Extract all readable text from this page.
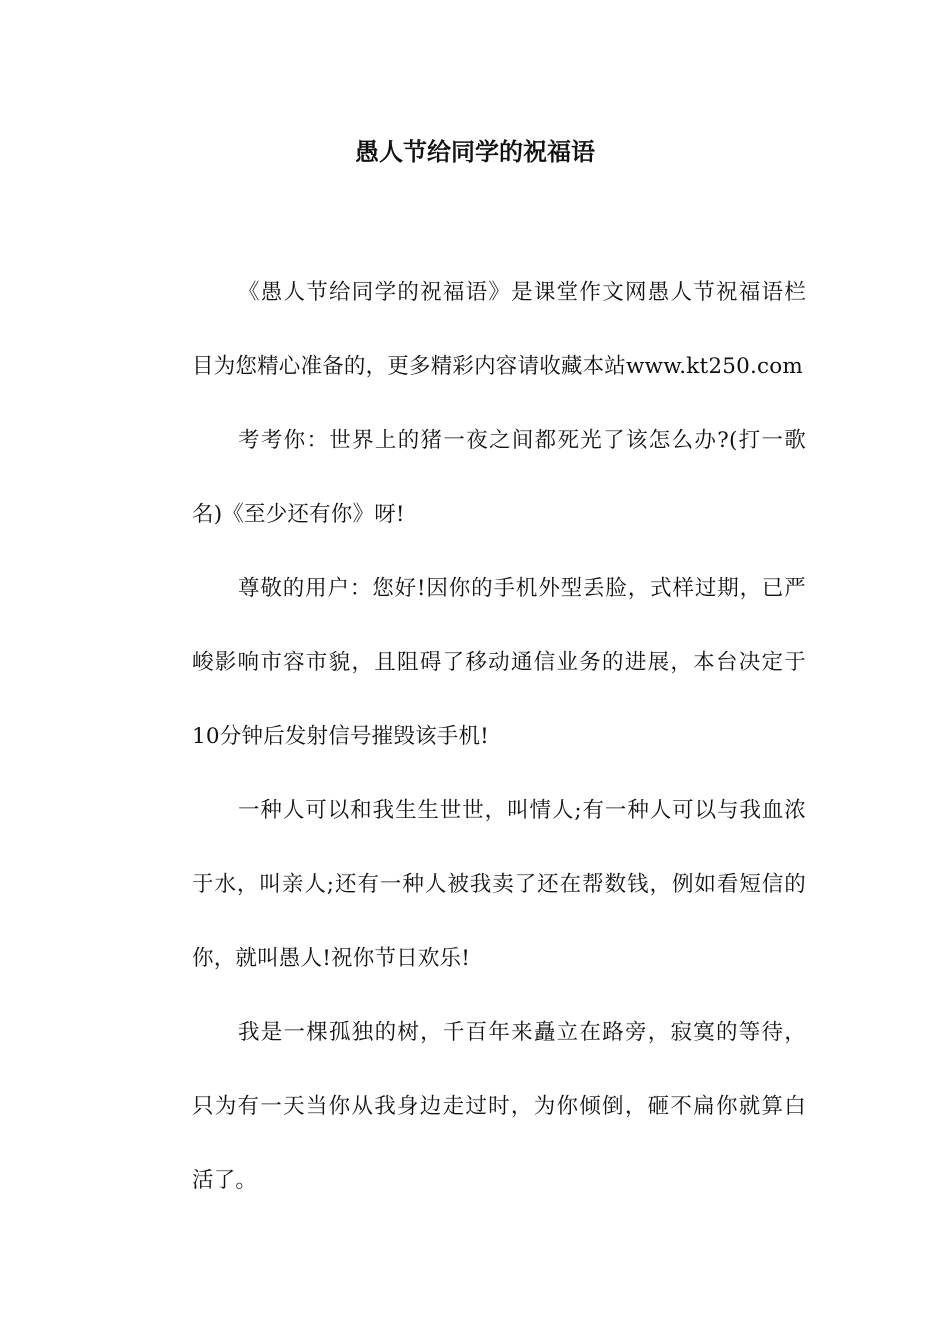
愚人节给同学的祝福语

《愚人节给同学的祝福语》是课堂作文网愚人节祝福语栏
目为您精心准备的，更多精彩内容请收藏本站www.kt250.com

考考你：世界上的猪一夜之间都死光了该怎么办?(打一歌
名)《至少还有你》呀!

尊敬的用户：您好!因你的手机外型丢脸，式样过期，已严
峻影响市容市貌，且阻碍了移动通信业务的进展，本台决定于
10分钟后发射信号摧毁该手机!

一种人可以和我生生世世，叫情人;有一种人可以与我血浓
于水，叫亲人;还有一种人被我卖了还在帮数钱，例如看短信的
你，就叫愚人!祝你节日欢乐!

我是一棵孤独的树，千百年来矗立在路旁，寂寞的等待，
只为有一天当你从我身边走过时，为你倾倒，砸不扁你就算白
活了。
